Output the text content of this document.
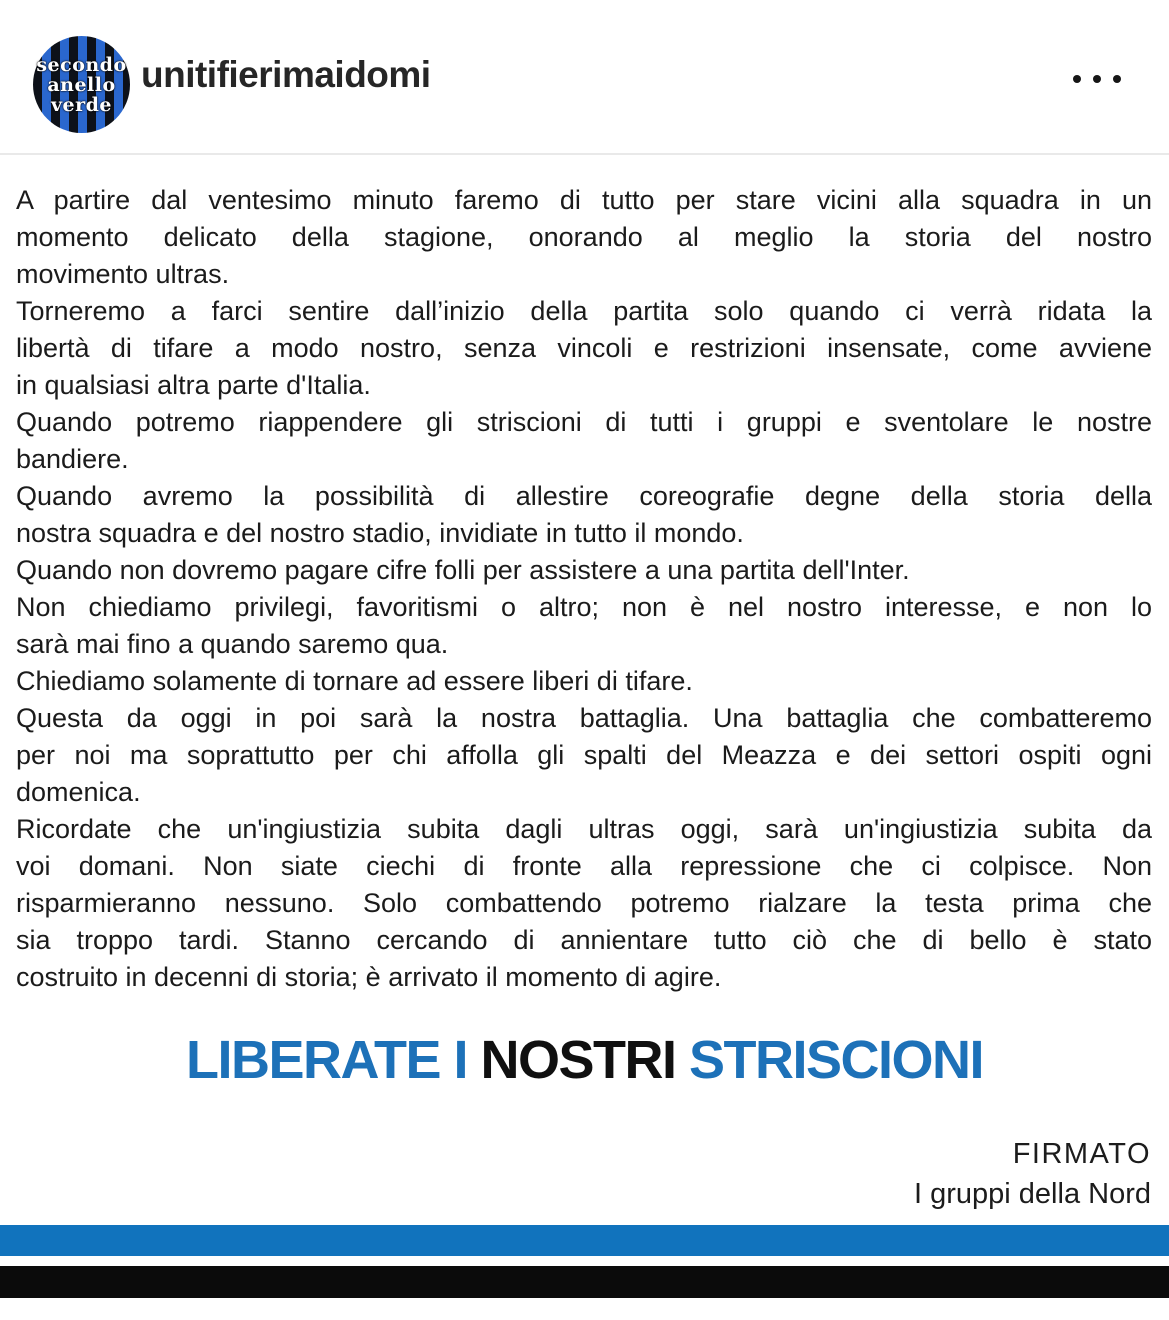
secondo
anello
verde
unitifierimaidomi
A partire dal ventesimo minuto faremo di tutto per stare vicini alla squadra in un
momento delicato della stagione, onorando al meglio la storia del nostro
movimento ultras.
Torneremo a farci sentire dall’inizio della partita solo quando ci verrà ridata la
libertà di tifare a modo nostro, senza vincoli e restrizioni insensate, come avviene
in qualsiasi altra parte d'Italia.
Quando potremo riappendere gli striscioni di tutti i gruppi e sventolare le nostre
bandiere.
Quando avremo la possibilità di allestire coreografie degne della storia della
nostra squadra e del nostro stadio, invidiate in tutto il mondo.
Quando non dovremo pagare cifre folli per assistere a una partita dell'Inter.
Non chiediamo privilegi, favoritismi o altro; non è nel nostro interesse, e non lo
sarà mai fino a quando saremo qua.
Chiediamo solamente di tornare ad essere liberi di tifare.
Questa da oggi in poi sarà la nostra battaglia. Una battaglia che combatteremo
per noi ma soprattutto per chi affolla gli spalti del Meazza e dei settori ospiti ogni
domenica.
Ricordate che un'ingiustizia subita dagli ultras oggi, sarà un'ingiustizia subita da
voi domani. Non siate ciechi di fronte alla repressione che ci colpisce. Non
risparmieranno nessuno. Solo combattendo potremo rialzare la testa prima che
sia troppo tardi. Stanno cercando di annientare tutto ciò che di bello è stato
costruito in decenni di storia; è arrivato il momento di agire.
LIBERATE I NOSTRI STRISCIONI
FIRMATO
I gruppi della Nord
